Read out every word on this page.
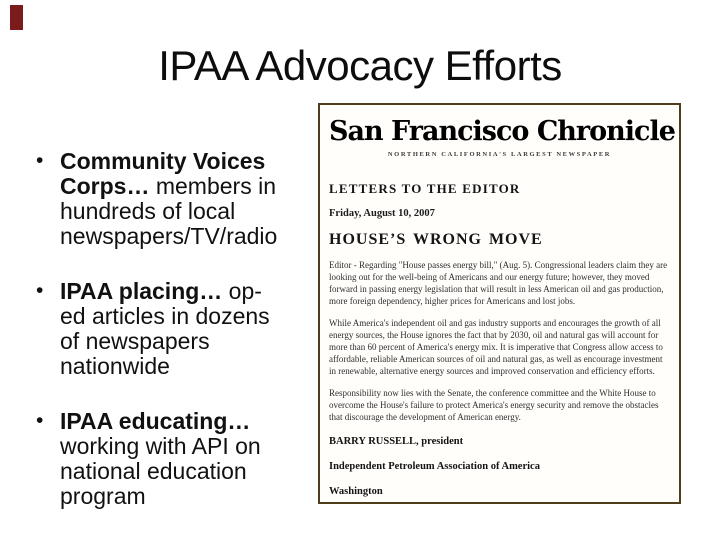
IPAA Advocacy Efforts
• Community Voices Corps… members in hundreds of local newspapers/TV/radio
• IPAA placing… op-ed articles in dozens of newspapers nationwide
• IPAA educating… working with API on national education program
San Francisco Chronicle
NORTHERN CALIFORNIA'S LARGEST NEWSPAPER
LETTERS TO THE EDITOR
Friday, August 10, 2007
HOUSE’S WRONG MOVE

Editor - Regarding "House passes energy bill," (Aug. 5). Congressional leaders claim they are looking out for the well-being of Americans and our energy future; however, they moved forward in passing energy legislation that will result in less American oil and gas production, more foreign dependency, higher prices for Americans and lost jobs.

While America's independent oil and gas industry supports and encourages the growth of all energy sources, the House ignores the fact that by 2030, oil and natural gas will account for more than 60 percent of America's energy mix. It is imperative that Congress allow access to affordable, reliable American sources of oil and natural gas, as well as encourage investment in renewable, alternative energy sources and improved conservation and efficiency efforts.

Responsibility now lies with the Senate, the conference committee and the White House to overcome the House's failure to protect America's energy security and remove the obstacles that discourage the development of American energy.

BARRY RUSSELL, president
Independent Petroleum Association of America
Washington
